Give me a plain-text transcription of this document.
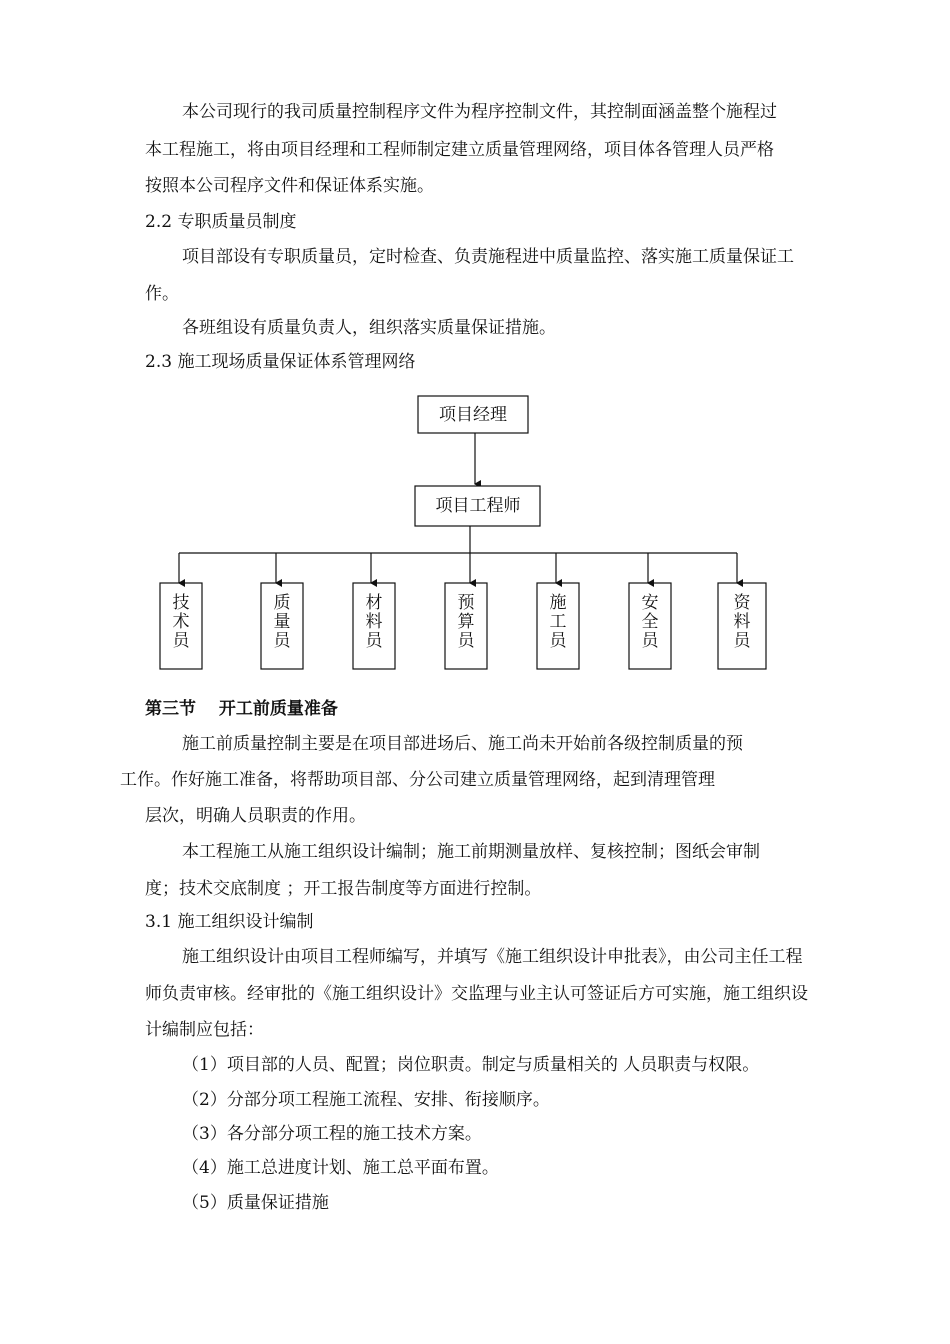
本公司现行的我司质量控制程序文件为程序控制文件，其控制面涵盖整个施程过
本工程施工，将由项目经理和工程师制定建立质量管理网络，项目体各管理人员严格
按照本公司程序文件和保证体系实施。
2.2 专职质量员制度
项目部设有专职质量员，定时检查、负责施程进中质量监控、落实施工质量保证工
作。
各班组设有质量负责人，组织落实质量保证措施。
2.3 施工现场质量保证体系管理网络
项目经理
项目工程师
技术员
质量员
材料员
预算员
施工员
安全员
资料员
第三节　 开工前质量准备
施工前质量控制主要是在项目部进场后、施工尚未开始前各级控制质量的预
工作。作好施工准备，将帮助项目部、分公司建立质量管理网络，起到清理管理
层次，明确人员职责的作用。
本工程施工从施工组织设计编制；施工前期测量放样、复核控制；图纸会审制
度；技术交底制度 ；开工报告制度等方面进行控制。
3.1 施工组织设计编制
施工组织设计由项目工程师编写，并填写《施工组织设计申批表》，由公司主任工程
师负责审核。经审批的《施工组织设计》交监理与业主认可签证后方可实施，施工组织设
计编制应包括：
（1）项目部的人员、配置；岗位职责。制定与质量相关的 人员职责与权限。
（2）分部分项工程施工流程、安排、衔接顺序。
（3）各分部分项工程的施工技术方案。
（4）施工总进度计划、施工总平面布置。
（5）质量保证措施
